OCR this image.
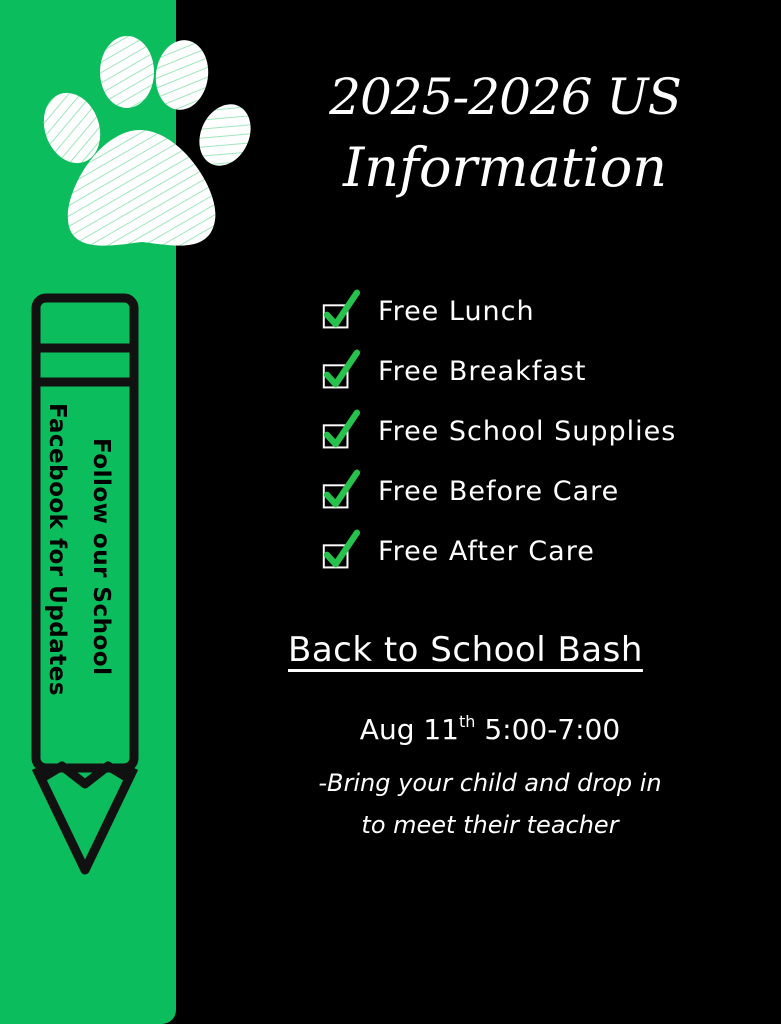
Follow our School
Facebook for Updates
2025-2026 US
Information
Free Lunch
Free Breakfast
Free School Supplies
Free Before Care
Free After Care
Back to School Bash
Aug 11th 5:00-7:00
-Bring your child and drop in
to meet their teacher
